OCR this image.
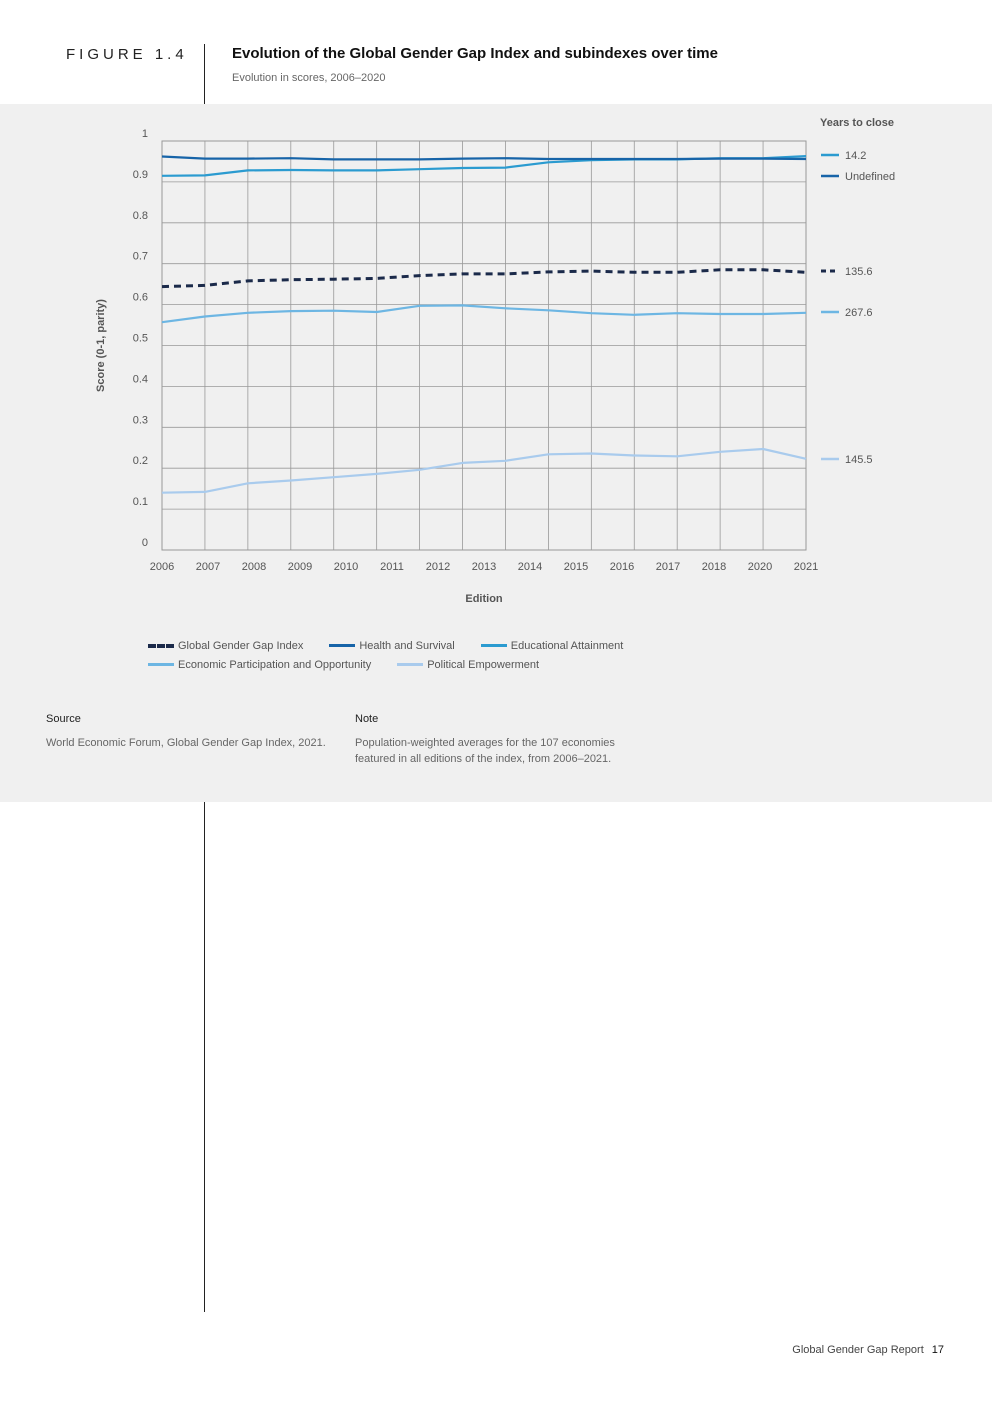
FIGURE 1.4	Evolution of the Global Gender Gap Index and subindexes over time
Evolution in scores, 2006–2020
0
0.1
0.2
0.3
0.4
0.5
0.6
0.7
0.8
0.9
1
2006 2007 2008 2009 2010 2011 2012 2013 2014 2015 2016 2017 2018 2020 2021
Edition
Score (0-1, parity)
Years to close
14.2
Undefined
135.6
267.6
145.5
Global Gender Gap Index	Health and Survival	Educational Attainment
Economic Participation and Opportunity	Political Empowerment
Source
World Economic Forum, Global Gender Gap Index, 2021.
Note
Population-weighted averages for the 107 economies featured in all editions of the index, from 2006–2021.
Global Gender Gap Report 17
